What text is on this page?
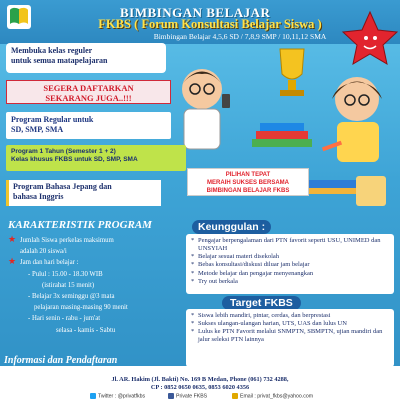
BIMBINGAN BELAJAR
FKBS ( Forum Konsultasi Belajar Siswa )
Bimbingan Belajar 4,5,6 SD / 7,8,9 SMP / 10,11,12 SMA
Membuka kelas reguler
untuk semua matapelajaran
SEGERA DAFTARKAN
SEKARANG JUGA..!!!
Program Regular untuk
SD, SMP, SMA
Program 1 Tahun (Semester 1 + 2)
Kelas khusus FKBS untuk SD, SMP, SMA
Program Bahasa Jepang dan
bahasa Inggris
PILIHAN TEPAT
MERAIH SUKSES BERSAMA
BIMBINGAN BELAJAR FKBS
KARAKTERISTIK PROGRAM
★ Jumlah Siswa perkelas maksimum
adalah 20 siswa/i
★ Jam dan hari belajar :
- Pulul : 15.00 - 18.30 WIB
(istirahat 15 menit)
- Belajar 3x seminggu @3 mata
pelajaran masing-masing 90 menit
- Hari senin - rabu - jum'at
selasa - kamis - Sabtu
Keunggulan :
* Pengajar berpengalaman dari PTN favorit seperti USU, UNIMED dan UNSYIAH
* Belajar sesuai materi disekolah
* Bebas konsultasi/diskusi diluar jam belajar
* Metode belajar dan pengajar menyenangkan
* Try out berkala
Target FKBS
* Siswa lebih mandiri, pintar, cerdas, dan berprestasi
* Sukses ulangan-ulangan harian, UTS, UAS dan lulus UN
* Lulus ke PTN Favorit melalui SNMPTN, SBMPTN, ujian mandiri dan jalur seleksi PTN lainnya
Informasi dan Pendaftaran
Jl. AR. Hakim (Jl. Bakti) No. 169 B Medan, Phone (061) 732 4288,
CP : 0852 0650 0635, 0853 6020 4356
Twitter : @privatfkbs	Private FKBS	Email : privat_fkbs@yahoo.com
